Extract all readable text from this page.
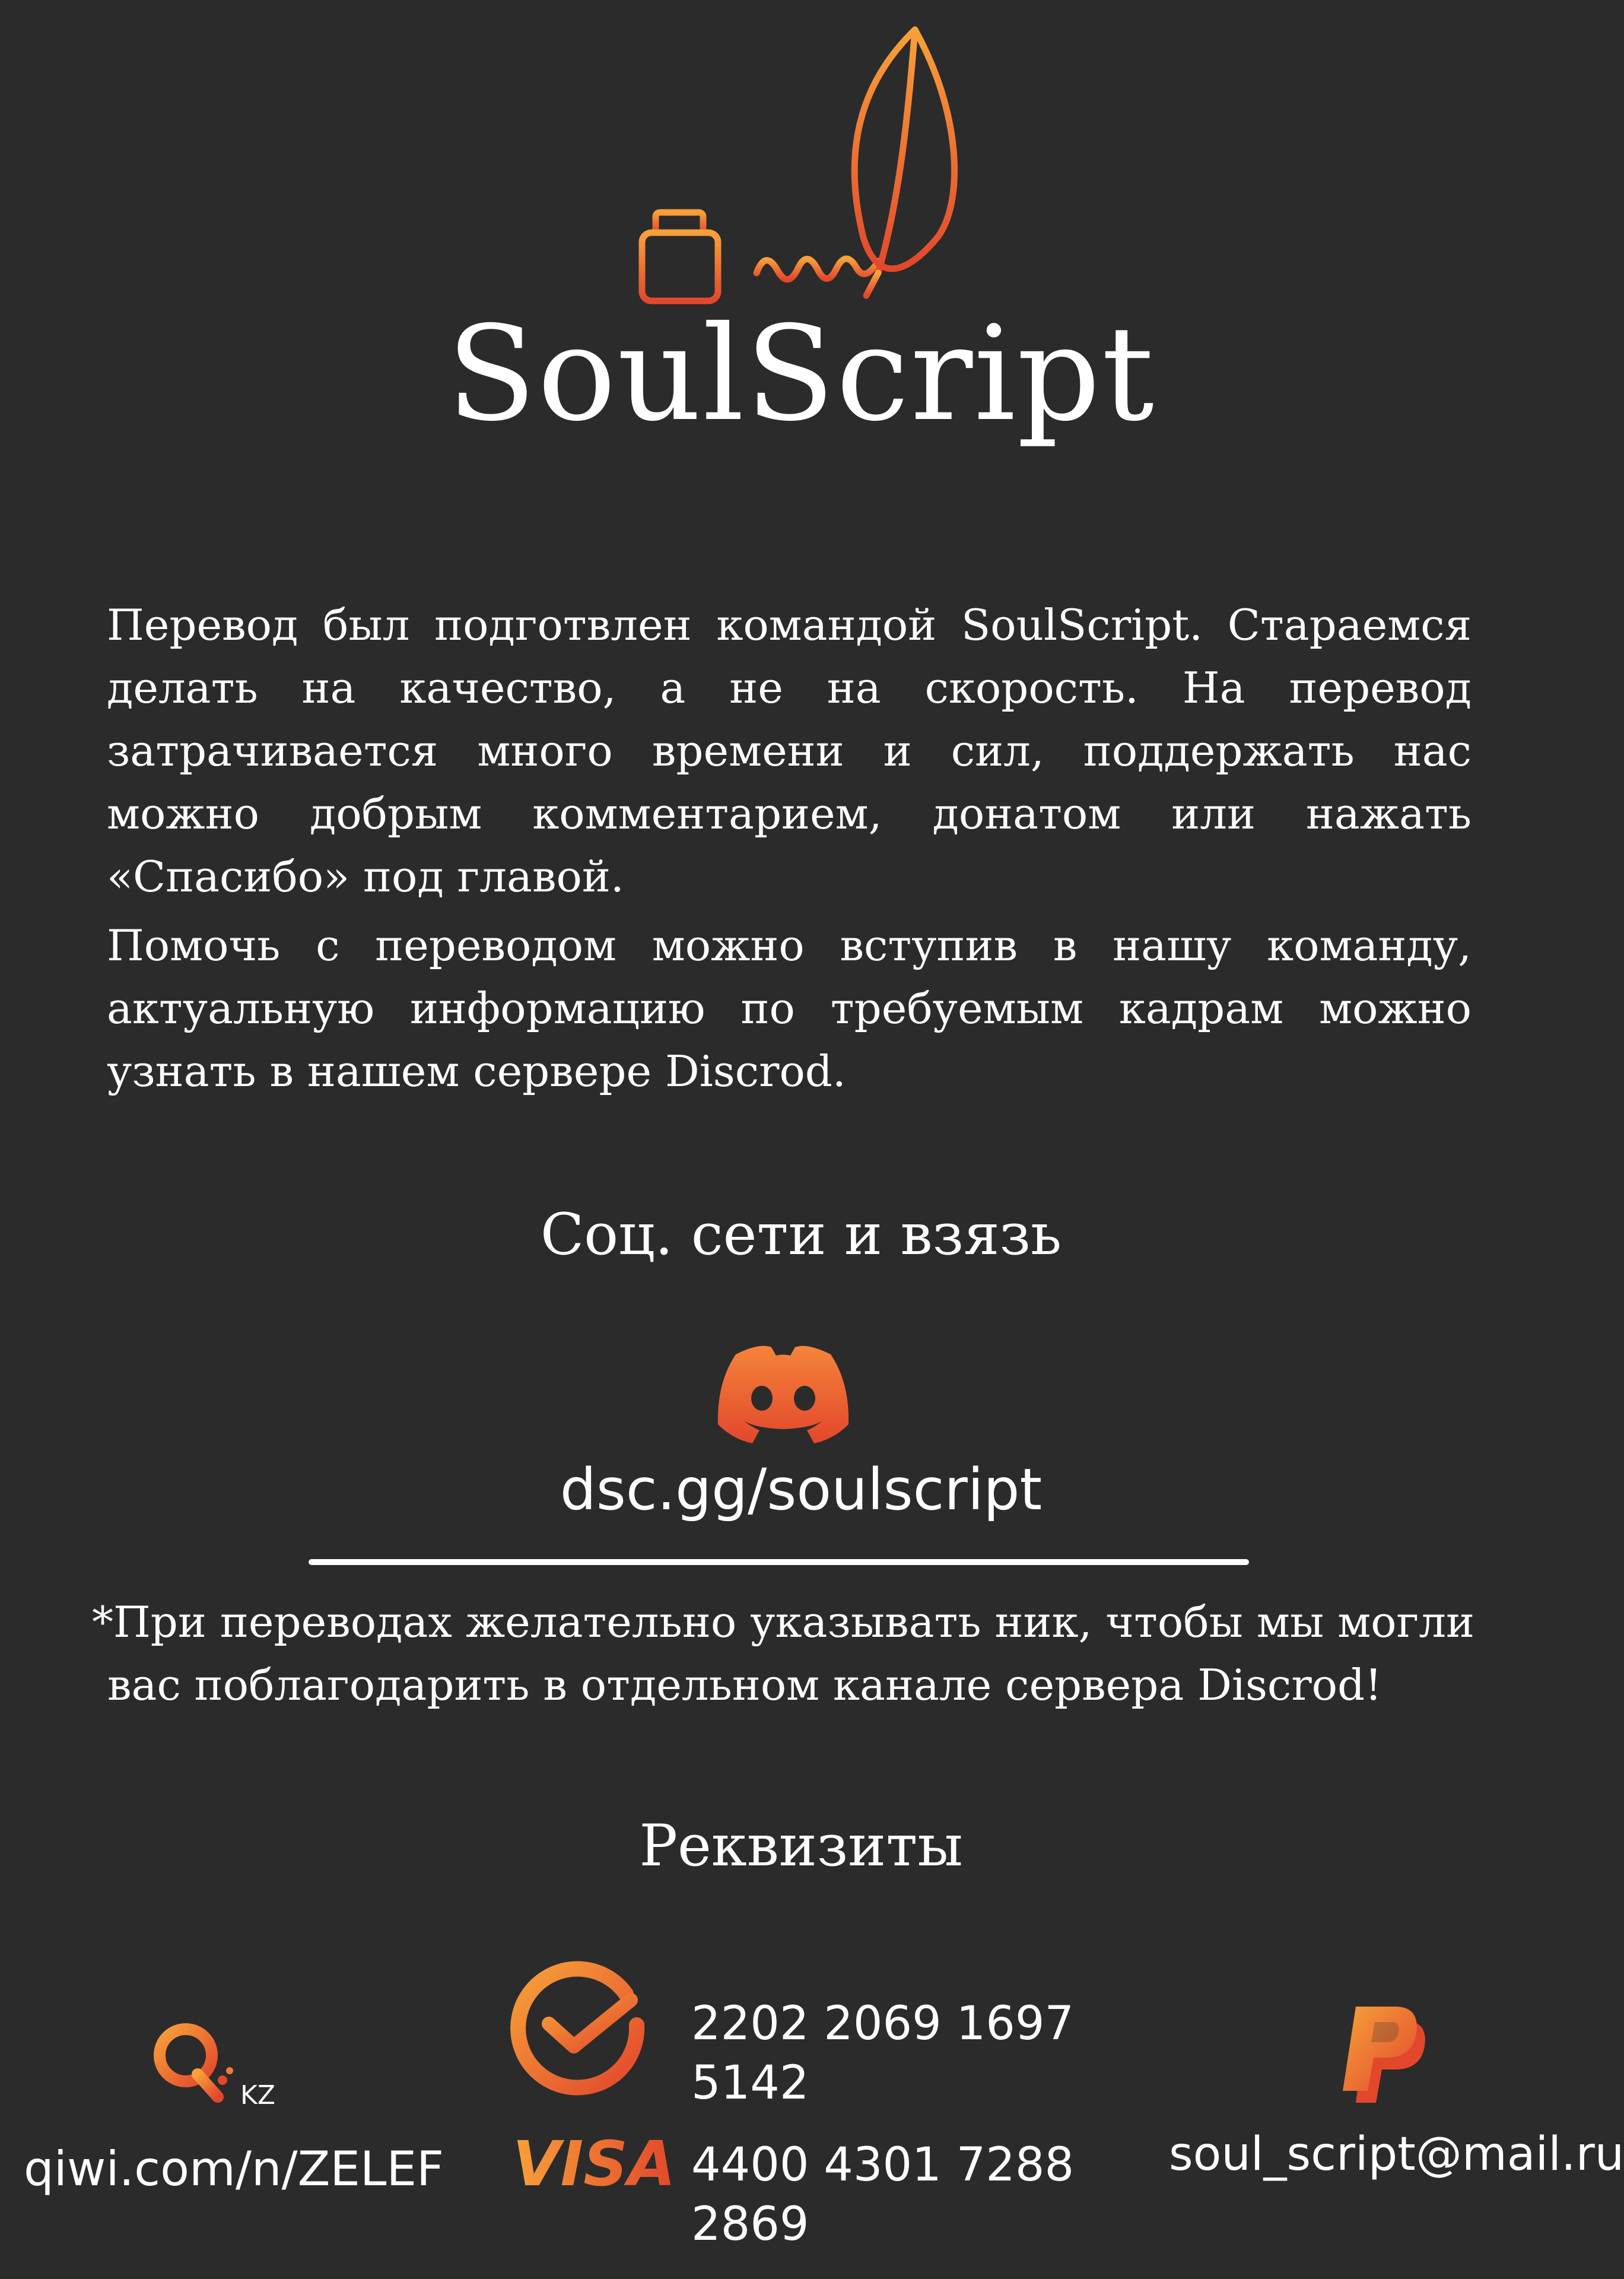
SoulScript
Перевод был подготвлен командой SoulScript. Стараемся делать на качество, а не на скорость. На перевод затрачивается много времени и сил, поддержать нас можно добрым комментарием, донатом или нажать «Спасибо» под главой.
Помочь с переводом можно вступив в нашу команду, актуальную информацию по требуемым кадрам можно узнать в нашем сервере Discrod.
Соц. сети и взязь
dsc.gg/soulscript
*При переводах желательно указывать ник, чтобы мы могли
вас поблагодарить в отдельном канале сервера Discrod!
Реквизиты
KZ
qiwi.com/n/ZELEF
2202 2069 1697 5142
VISA 4400 4301 7288 2869
soul_script@mail.ru
